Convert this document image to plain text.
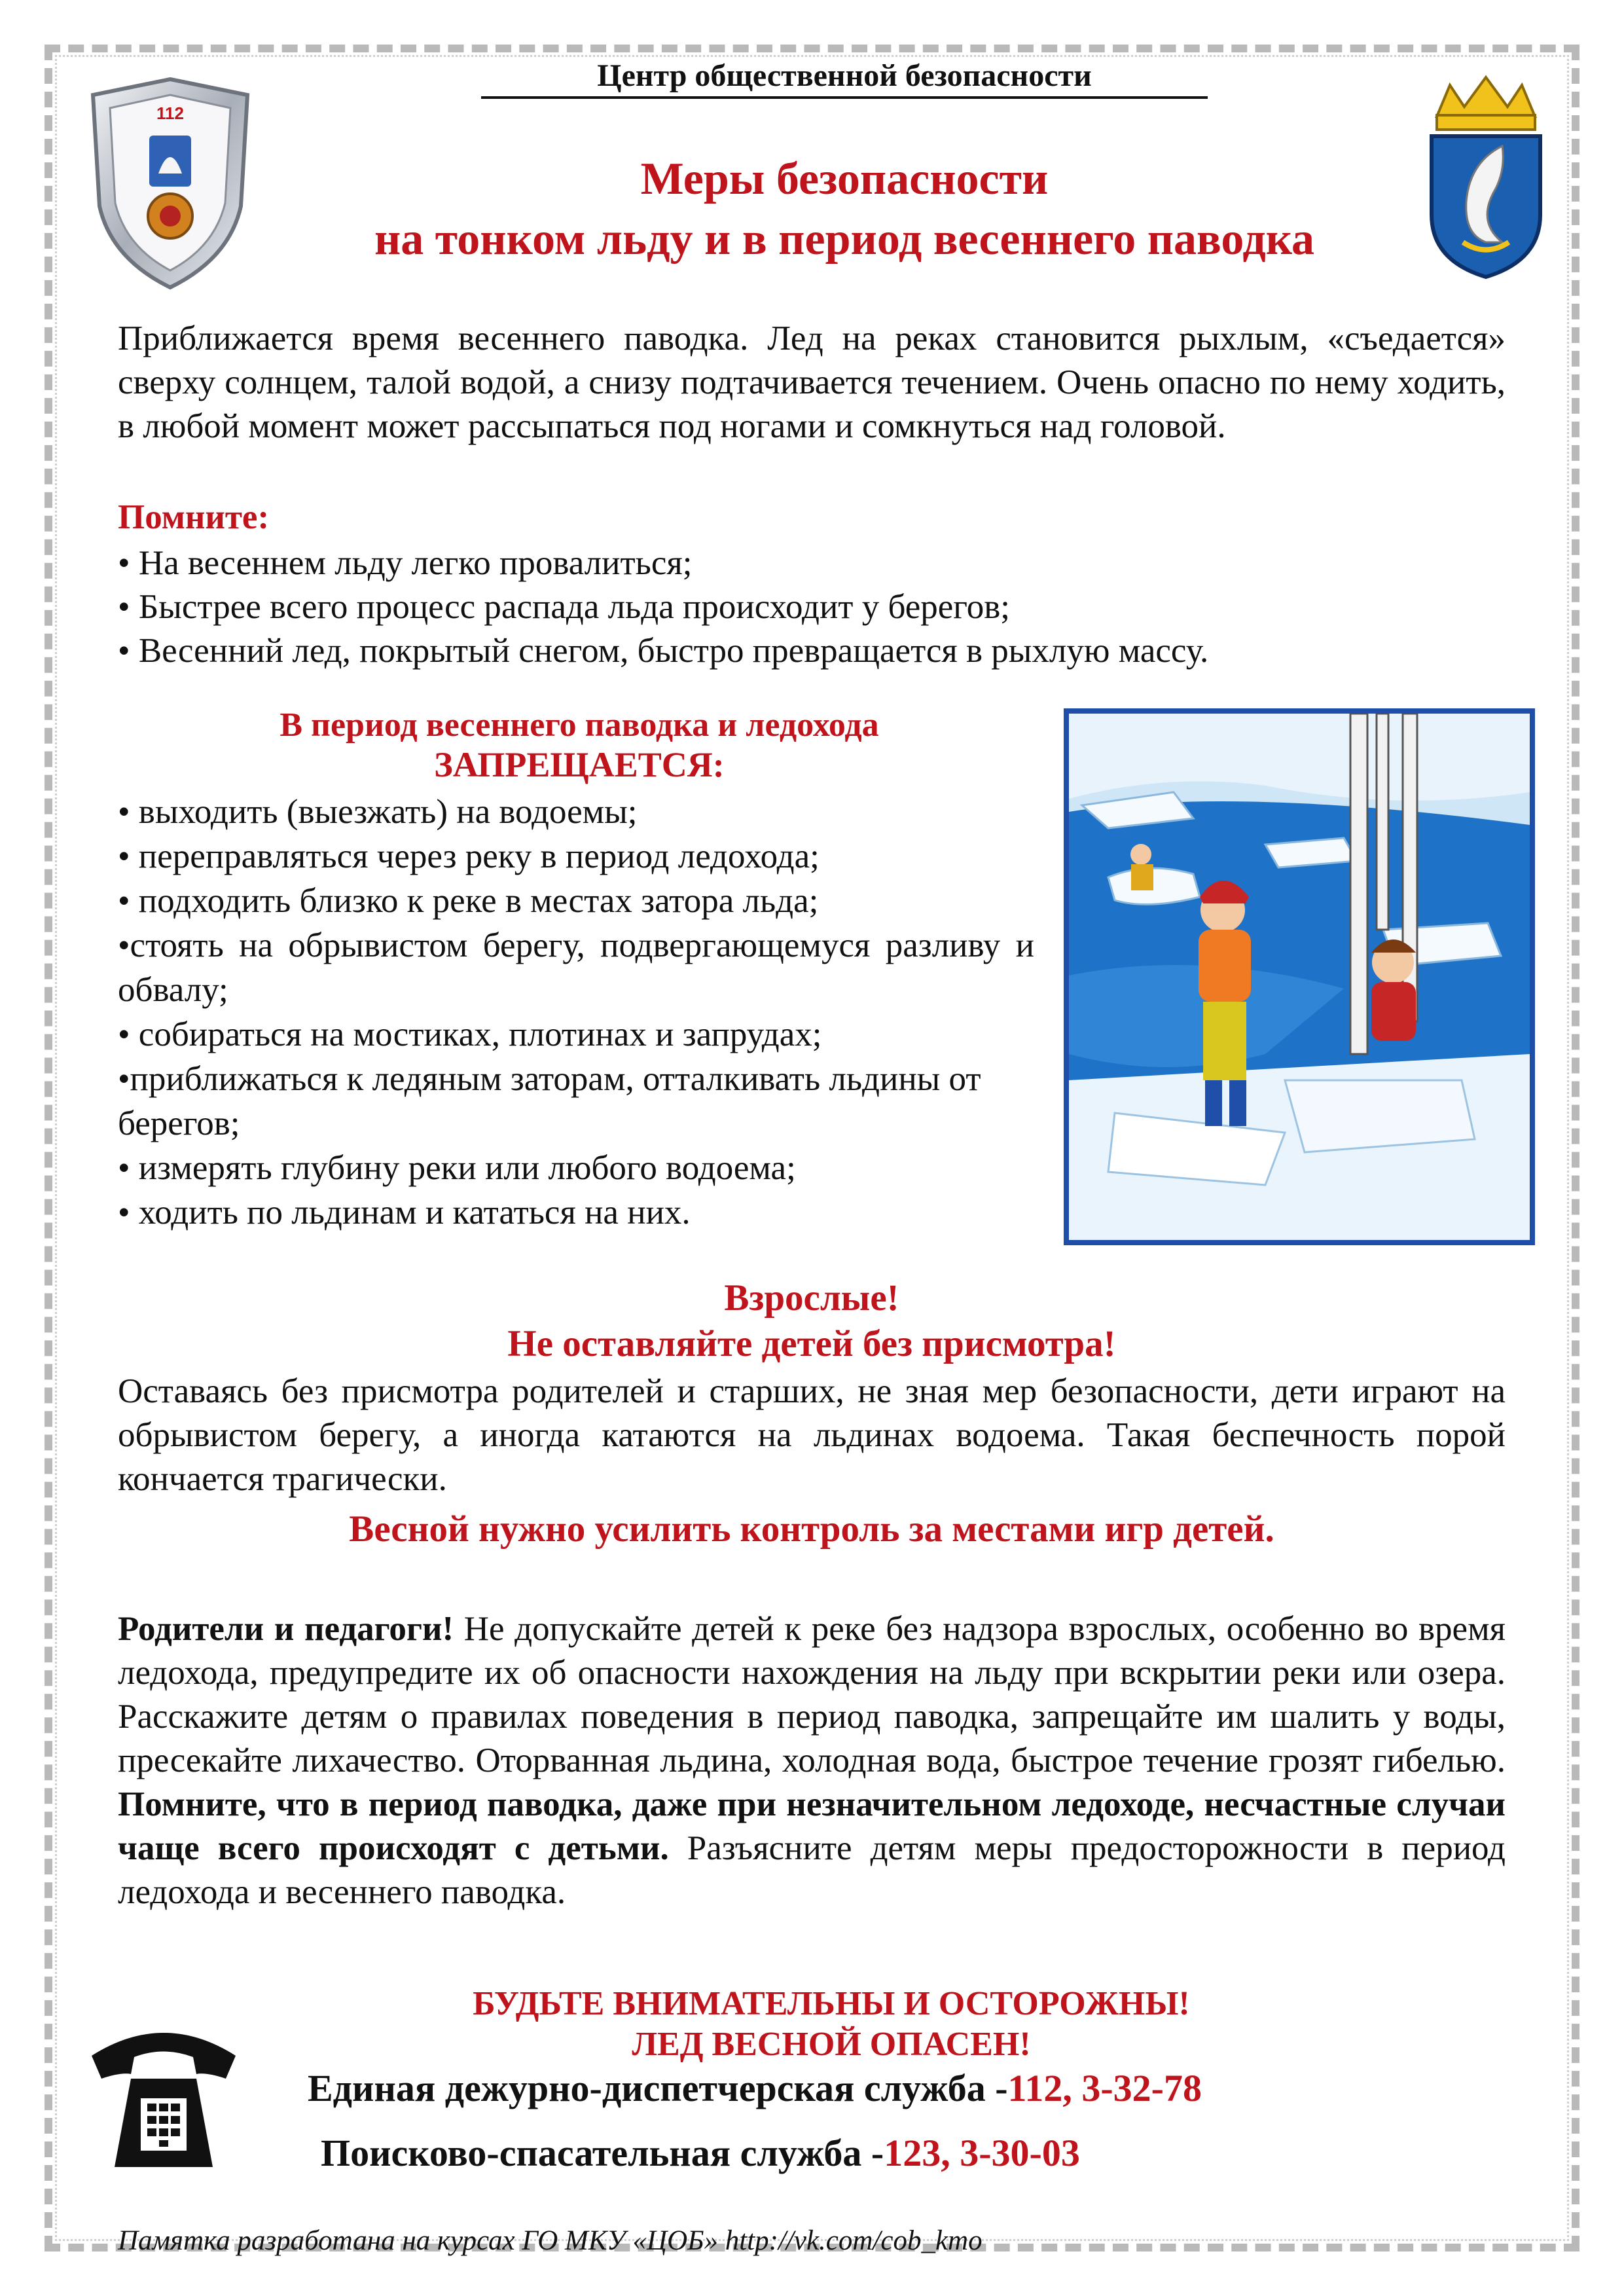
112
Центр общественной безопасности
Меры безопасности
на тонком льду и в период весеннего паводка
Приближается время весеннего паводка. Лед на реках становится рыхлым, «съедается» сверху солнцем, талой водой, а снизу подтачивается течением. Очень опасно по нему ходить, в любой момент может рассыпаться под ногами и сомкнуться над головой.
Помните:
• На весеннем льду легко провалиться;
• Быстрее всего процесс распада льда происходит у берегов;
• Весенний лед, покрытый снегом, быстро превращается в рыхлую массу.
В период весеннего паводка и ледохода
ЗАПРЕЩАЕТСЯ:
• выходить (выезжать) на водоемы;
• переправляться через реку в период ледохода;
• подходить близко к реке в местах затора льда;
•стоять на обрывистом берегу, подвергающемуся разливу и обвалу;
• собираться на мостиках, плотинах и запрудах;
•приближаться к ледяным заторам, отталкивать льдины от берегов;
• измерять глубину реки или любого водоема;
• ходить по льдинам и кататься на них.
Взрослые!
Не оставляйте детей без присмотра!
Оставаясь без присмотра родителей и старших, не зная мер безопасности, дети играют на обрывистом берегу, а иногда катаются на льдинах водоема. Такая беспечность порой кончается трагически.
Весной нужно усилить контроль за местами игр детей.
Родители и педагоги! Не допускайте детей к реке без надзора взрослых, особенно во время ледохода, предупредите их об опасности нахождения на льду при вскрытии реки или озера. Расскажите детям о правилах поведения в период паводка, запрещайте им шалить у воды, пресекайте лихачество. Оторванная льдина, холодная вода, быстрое течение грозят гибелью. Помните, что в период паводка, даже при незначительном ледоходе, несчастные случаи чаще всего происходят с детьми. Разъясните детям меры предосторожности в период ледохода и весеннего паводка.
БУДЬТЕ ВНИМАТЕЛЬНЫ И ОСТОРОЖНЫ!
ЛЕД ВЕСНОЙ ОПАСЕН!
Единая дежурно-диспетчерская служба -112, 3-32-78
Поисково-спасательная служба -123, 3-30-03
Памятка разработана на курсах ГО МКУ «ЦОБ» http://vk.com/cob_kmo
